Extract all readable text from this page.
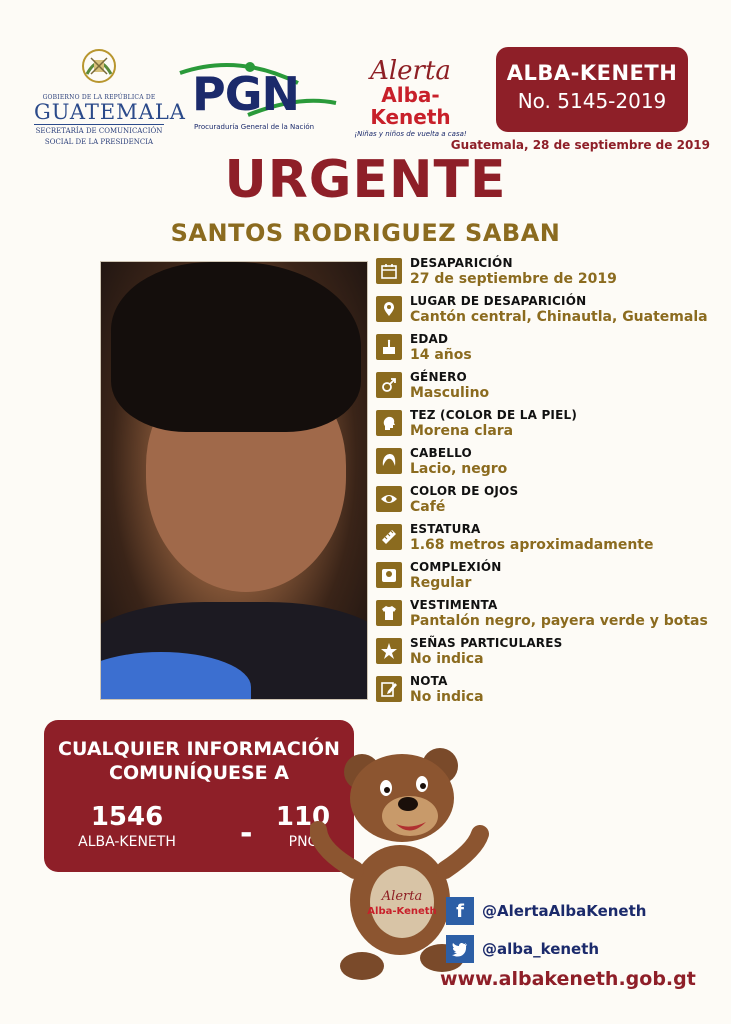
GOBIERNO DE LA REPÚBLICA DE
GUATEMALA
SECRETARÍA DE COMUNICACIÓN
SOCIAL DE LA PRESIDENCIA
PGN
Procuraduría General de la Nación
Alerta
Alba-Keneth
¡Niñas y niños de vuelta a casa!
ALBA-KENETH
No. 5145-2019
Guatemala, 28 de septiembre de 2019
URGENTE
SANTOS RODRIGUEZ SABAN
DESAPARICIÓN
27 de septiembre de 2019
LUGAR DE DESAPARICIÓN
Cantón central, Chinautla, Guatemala
EDAD
14 años
GÉNERO
Masculino
TEZ (COLOR DE LA PIEL)
Morena clara
CABELLO
Lacio, negro
COLOR DE OJOS
Café
ESTATURA
1.68 metros aproximadamente
COMPLEXIÓN
Regular
VESTIMENTA
Pantalón negro, payera verde y botas
SEÑAS PARTICULARES
No indica
NOTA
No indica
CUALQUIER INFORMACIÓN
COMUNÍQUESE A
1546
ALBA-KENETH	- 110
PNC
Alerta
Alba-Keneth	f	@AlertaAlbaKeneth
@alba_keneth
www.albakeneth.gob.gt
